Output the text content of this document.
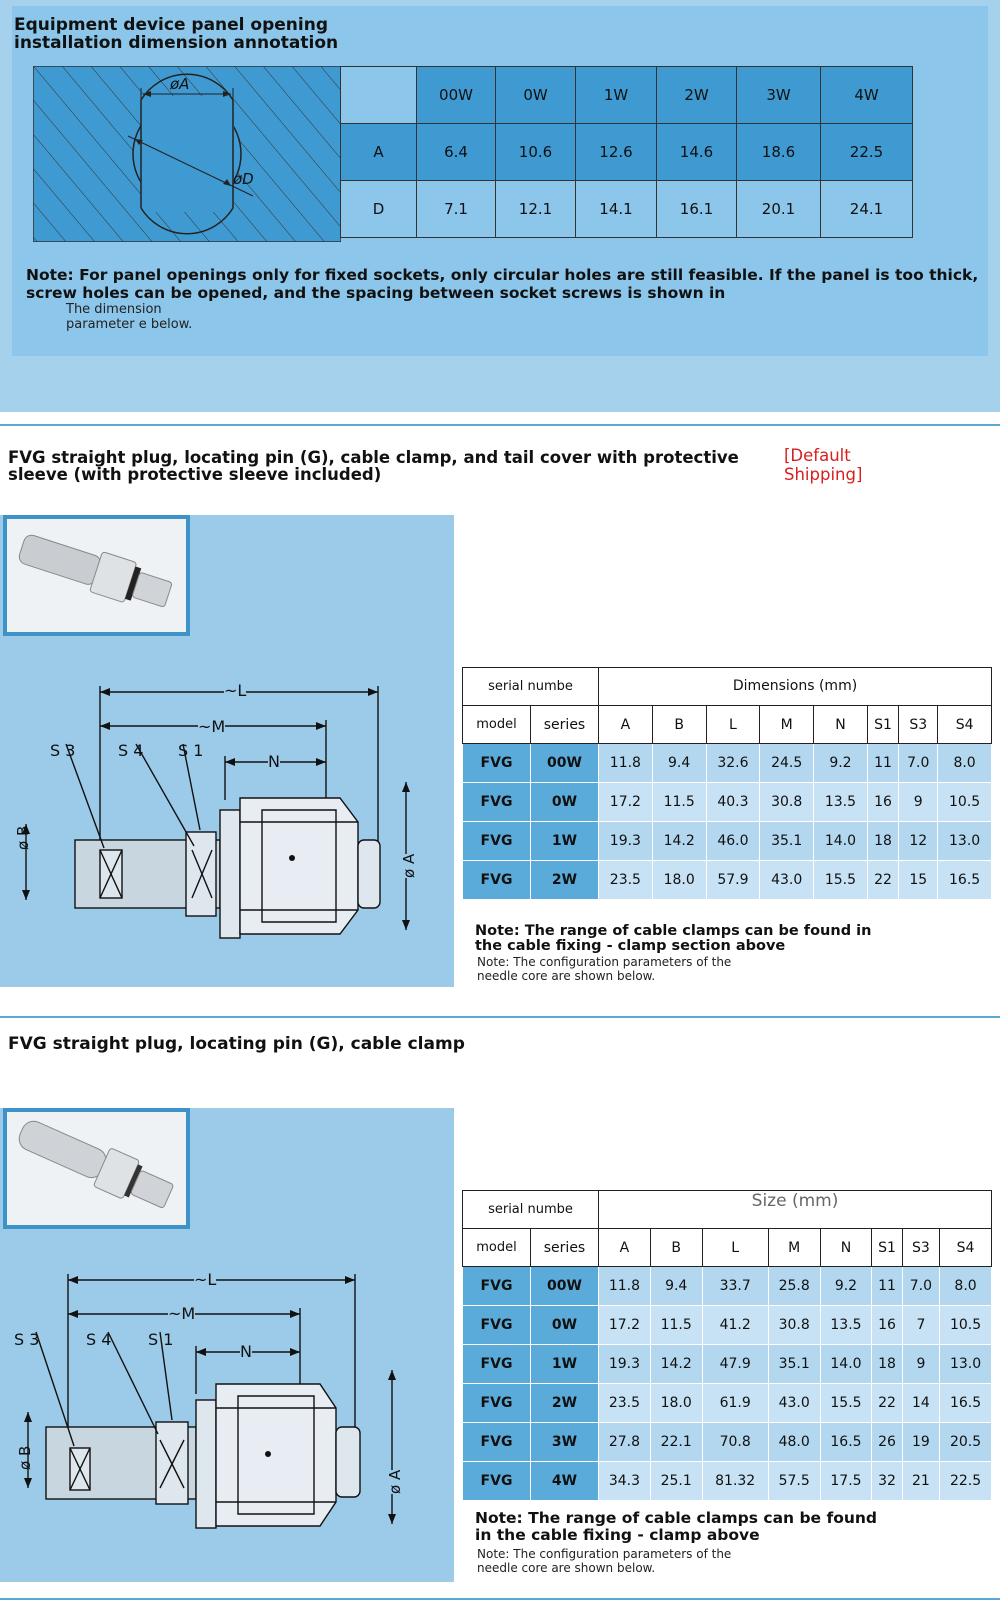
Equipment device panel opening installation dimension annotation
øA
øD
	00W	0W	1W	2W	3W	4W
A	6.4	10.6	12.6	14.6	18.6	22.5
D	7.1	12.1	14.1	16.1	20.1	24.1
Note: For panel openings only for fixed sockets, only circular holes are still feasible. If the panel is too thick, screw holes can be opened, and the spacing between socket screws is shown in
The dimension parameter e below.
FVG straight plug, locating pin (G), cable clamp, and tail cover with protective sleeve (with protective sleeve included)
[Default Shipping]
~L
~M
N
S 3	S 4 S 1
ø B
ø A
serial numbe		Dimensions (mm)							
model	series	A	B	L	M	N	S1	S3	S4
FVG	00W	11.8	9.4	32.6	24.5	9.2	11	7.0	8.0
FVG	0W	17.2	11.5	40.3	30.8	13.5	16	9	10.5
FVG	1W	19.3	14.2	46.0	35.1	14.0	18	12	13.0
FVG	2W	23.5	18.0	57.9	43.0	15.5	22	15	16.5
Note: The range of cable clamps can be found in the cable fixing - clamp section above
Note: The configuration parameters of the needle core are shown below.
FVG straight plug, locating pin (G), cable clamp
~L
~M
N
S 3	S 4 S 1
ø B
ø A
serial numbe		Size (mm)							
model	series	A	B	L	M	N	S1	S3	S4
FVG	00W	11.8	9.4	33.7	25.8	9.2	11	7.0	8.0
FVG	0W	17.2	11.5	41.2	30.8	13.5	16	7	10.5
FVG	1W	19.3	14.2	47.9	35.1	14.0	18	9	13.0
FVG	2W	23.5	18.0	61.9	43.0	15.5	22	14	16.5
FVG	3W	27.8	22.1	70.8	48.0	16.5	26	19	20.5
FVG	4W	34.3	25.1	81.32	57.5	17.5	32	21	22.5
Note: The range of cable clamps can be found in the cable fixing - clamp above
Note: The configuration parameters of the needle core are shown below.
